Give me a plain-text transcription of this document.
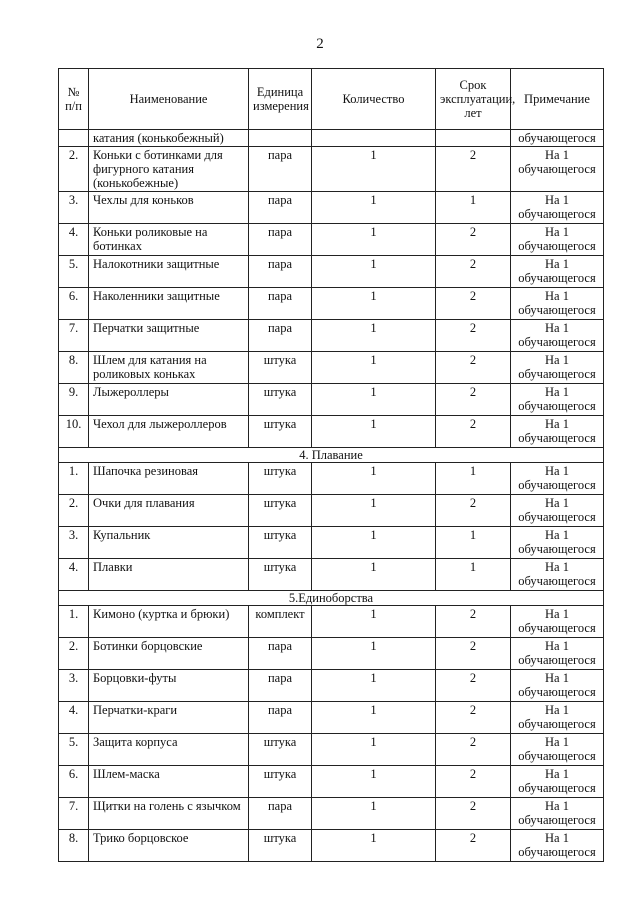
2
№ п/п	Наименование	Единица измерения	Количество	Срок эксплуатации, лет	Примечание
	катания (конькобежный)				обучающегося
2.	Коньки с ботинками для фигурного катания (конькобежные)	пара	1	2	На 1 обучающегося
3.	Чехлы для коньков	пара	1	1	На 1 обучающегося
4.	Коньки роликовые на ботинках	пара	1	2	На 1 обучающегося
5.	Налокотники защитные	пара	1	2	На 1 обучающегося
6.	Наколенники защитные	пара	1	2	На 1 обучающегося
7.	Перчатки защитные	пара	1	2	На 1 обучающегося
8.	Шлем для катания на роликовых коньках	штука	1	2	На 1 обучающегося
9.	Лыжероллеры	штука	1	2	На 1 обучающегося
10.	Чехол для лыжероллеров	штука	1	2	На 1 обучающегося
4. Плавание					
1.	Шапочка резиновая	штука	1	1	На 1 обучающегося
2.	Очки для плавания	штука	1	2	На 1 обучающегося
3.	Купальник	штука	1	1	На 1 обучающегося
4.	Плавки	штука	1	1	На 1 обучающегося
5.Единоборства					
1.	Кимоно (куртка и брюки)	комплект	1	2	На 1 обучающегося
2.	Ботинки борцовские	пара	1	2	На 1 обучающегося
3.	Борцовки-футы	пара	1	2	На 1 обучающегося
4.	Перчатки-краги	пара	1	2	На 1 обучающегося
5.	Защита корпуса	штука	1	2	На 1 обучающегося
6.	Шлем-маска	штука	1	2	На 1 обучающегося
7.	Щитки на голень с язычком	пара	1	2	На 1 обучающегося
8.	Трико борцовское	штука	1	2	На 1 обучающегося
